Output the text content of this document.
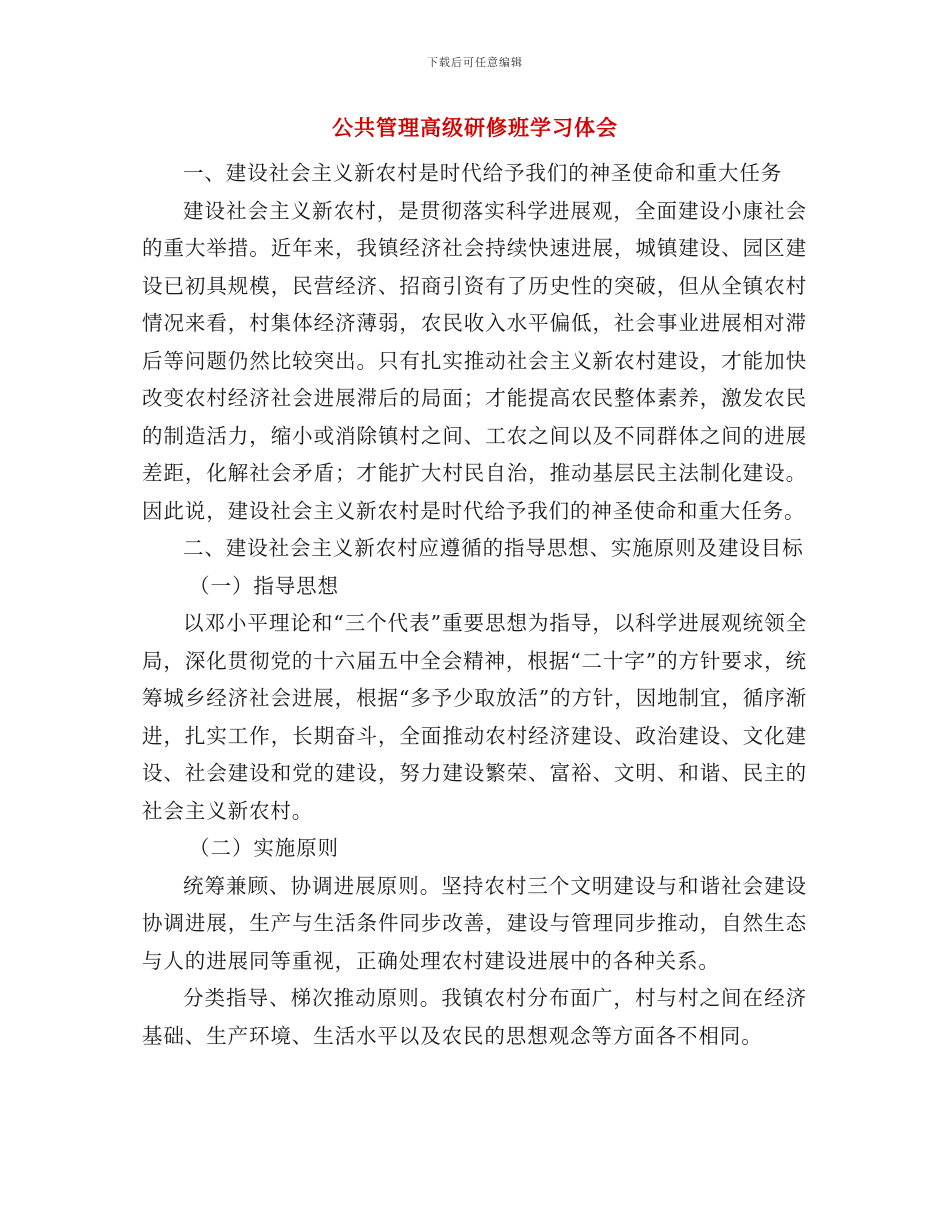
下载后可任意编辑
公共管理高级研修班学习体会

一、建设社会主义新农村是时代给予我们的神圣使命和重大任务

建设社会主义新农村，是贯彻落实科学进展观，全面建设小康社会的重大举措。近年来，我镇经济社会持续快速进展，城镇建设、园区建设已初具规模，民营经济、招商引资有了历史性的突破，但从全镇农村情况来看，村集体经济薄弱，农民收入水平偏低，社会事业进展相对滞后等问题仍然比较突出。只有扎实推动社会主义新农村建设，才能加快改变农村经济社会进展滞后的局面；才能提高农民整体素养，激发农民的制造活力，缩小或消除镇村之间、工农之间以及不同群体之间的进展差距，化解社会矛盾；才能扩大村民自治，推动基层民主法制化建设。因此说，建设社会主义新农村是时代给予我们的神圣使命和重大任务。

二、建设社会主义新农村应遵循的指导思想、实施原则及建设目标

（一）指导思想

以邓小平理论和“三个代表”重要思想为指导，以科学进展观统领全局，深化贯彻党的十六届五中全会精神，根据“二十字”的方针要求，统筹城乡经济社会进展，根据“多予少取放活”的方针，因地制宜，循序渐进，扎实工作，长期奋斗，全面推动农村经济建设、政治建设、文化建设、社会建设和党的建设，努力建设繁荣、富裕、文明、和谐、民主的社会主义新农村。

（二）实施原则

统筹兼顾、协调进展原则。坚持农村三个文明建设与和谐社会建设协调进展，生产与生活条件同步改善，建设与管理同步推动，自然生态与人的进展同等重视，正确处理农村建设进展中的各种关系。

分类指导、梯次推动原则。我镇农村分布面广，村与村之间在经济基础、生产环境、生活水平以及农民的思想观念等方面各不相同。
